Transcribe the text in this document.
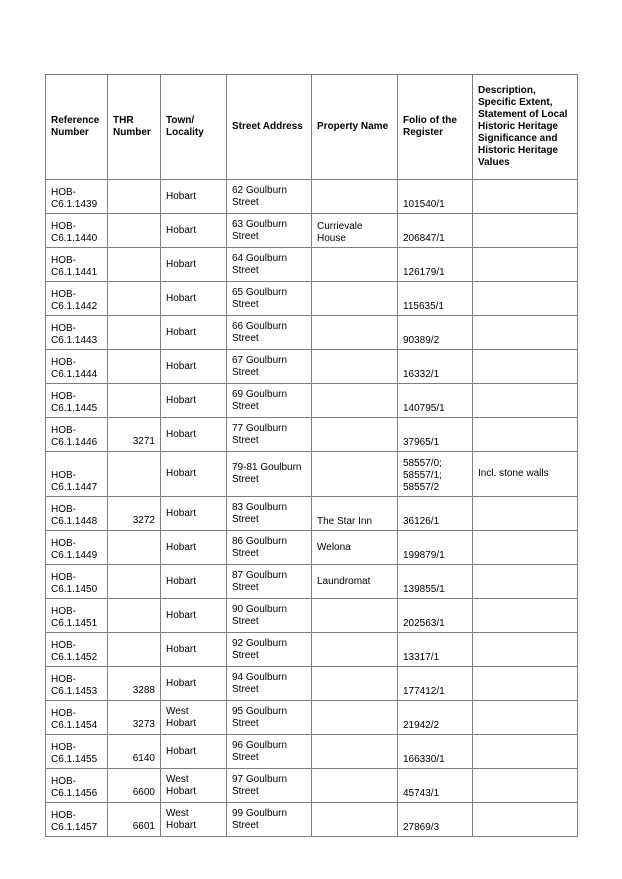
Reference Number	THR Number	Town/ Locality	Street Address	Property Name	Folio of the Register	Description, Specific Extent, Statement of Local Historic Heritage Significance and Historic Heritage Values
HOB-C6.1.1439		Hobart	62 Goulburn Street		101540/1	
HOB-C6.1.1440		Hobart	63 Goulburn Street	Currievale House	206847/1	
HOB-C6.1.1441		Hobart	64 Goulburn Street		126179/1	
HOB-C6.1.1442		Hobart	65 Goulburn Street		115635/1	
HOB-C6.1.1443		Hobart	66 Goulburn Street		90389/2	
HOB-C6.1.1444		Hobart	67 Goulburn Street		16332/1	
HOB-C6.1.1445		Hobart	69 Goulburn Street		140795/1	
HOB-C6.1.1446	3271	Hobart	77 Goulburn Street		37965/1	
HOB-C6.1.1447		Hobart	79-81 Goulburn Street		58557/0; 58557/1; 58557/2	Incl. stone walls
HOB-C6.1.1448	3272	Hobart	83 Goulburn Street	The Star Inn	36126/1	
HOB-C6.1.1449		Hobart	86 Goulburn Street	Welona	199879/1	
HOB-C6.1.1450		Hobart	87 Goulburn Street	Laundromat	139855/1	
HOB-C6.1.1451		Hobart	90 Goulburn Street		202563/1	
HOB-C6.1.1452		Hobart	92 Goulburn Street		13317/1	
HOB-C6.1.1453	3288	Hobart	94 Goulburn Street		177412/1	
HOB-C6.1.1454	3273	West Hobart	95 Goulburn Street		21942/2	
HOB-C6.1.1455	6140	Hobart	96 Goulburn Street		166330/1	
HOB-C6.1.1456	6600	West Hobart	97 Goulburn Street		45743/1	
HOB-C6.1.1457	6601	West Hobart	99 Goulburn Street		27869/3	
